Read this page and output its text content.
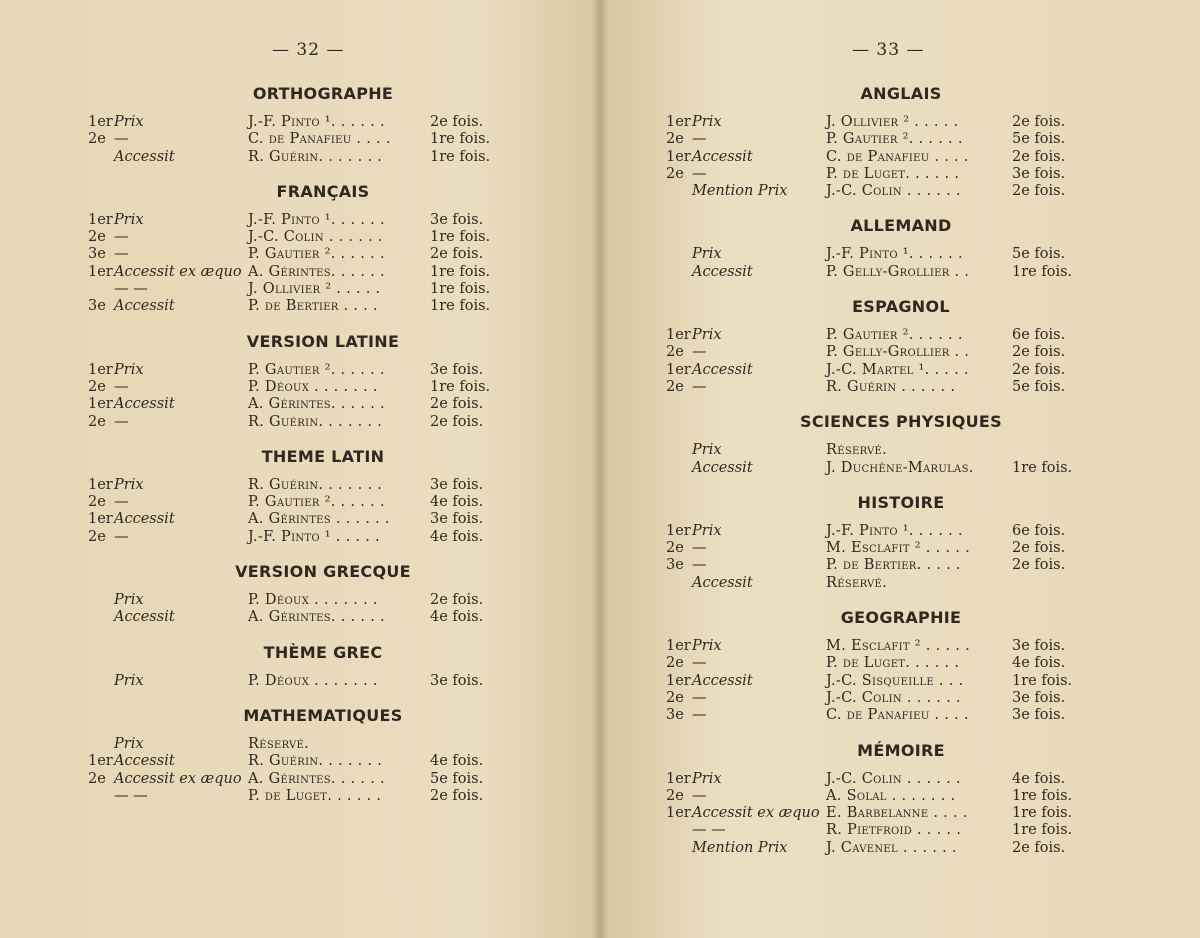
— 32 —
ORTHOGRAPHE
1er Prix	J.-F. Pinto ¹. . . . . .	2e fois.
2e —	C. de Panafieu . . . .	1re fois.
Accessit	R. Guérin. . . . . . .	1re fois.
FRANÇAIS
1er Prix	J.-F. Pinto ¹. . . . . .	3e fois.
2e —	J.-C. Colin . . . . . .	1re fois.
3e —	P. Gautier ². . . . . .	2e fois.
1er Accessit ex æquo A. Gérintes. . . . . .	1re fois.
— —	J. Ollivier ² . . . . .	1re fois.
3e Accessit	P. de Bertier . . . .	1re fois.
VERSION LATINE
1er Prix	P. Gautier ². . . . . .	3e fois.
2e —	P. Déoux . . . . . . .	1re fois.
1er Accessit	A. Gérintes. . . . . .	2e fois.
2e —	R. Guérin. . . . . . .	2e fois.
THEME LATIN
1er Prix	R. Guérin. . . . . . .	3e fois.
2e —	P. Gautier ². . . . . .	4e fois.
1er Accessit	A. Gérintes . . . . . .	3e fois.
2e —	J.-F. Pinto ¹ . . . . .	4e fois.
VERSION GRECQUE
Prix	P. Déoux . . . . . . .	2e fois.
Accessit	A. Gérintes. . . . . .	4e fois.
THÈME GREC
Prix	P. Déoux . . . . . . .	3e fois.
MATHEMATIQUES
Prix	Réservé.
1er Accessit	R. Guérin. . . . . . .	4e fois.
2e Accessit ex æquo A. Gérintes. . . . . .	5e fois.
— —	P. de Luget. . . . . .	2e fois.
— 33 —
ANGLAIS
1er Prix	J. Ollivier ² . . . . .	2e fois.
2e —	P. Gautier ². . . . . .	5e fois.
1er Accessit	C. de Panafieu . . . .	2e fois.
2e —	P. de Luget. . . . . .	3e fois.
Mention Prix	J.-C. Colin . . . . . .	2e fois.
ALLEMAND
Prix	J.-F. Pinto ¹. . . . . .	5e fois.
Accessit	P. Gelly-Grollier . .	1re fois.
ESPAGNOL
1er Prix	P. Gautier ². . . . . .	6e fois.
2e —	P. Gelly-Grollier . .	2e fois.
1er Accessit	J.-C. Martel ¹. . . . .	2e fois.
2e —	R. Guérin . . . . . .	5e fois.
SCIENCES PHYSIQUES
Prix	Réservé.
Accessit	J. Duchêne-Marulas.	1re fois.
HISTOIRE
1er Prix	J.-F. Pinto ¹. . . . . .	6e fois.
2e —	M. Esclafit ² . . . . .	2e fois.
3e —	P. de Bertier. . . . .	2e fois.
Accessit	Réservé.
GEOGRAPHIE
1er Prix	M. Esclafit ² . . . . .	3e fois.
2e —	P. de Luget. . . . . .	4e fois.
1er Accessit	J.-C. Sisqueille . . .	1re fois.
2e —	J.-C. Colin . . . . . .	3e fois.
3e —	C. de Panafieu . . . .	3e fois.
MÉMOIRE
1er Prix	J.-C. Colin . . . . . .	4e fois.
2e —	A. Solal . . . . . . .	1re fois.
1er Accessit ex æquo E. Barbelanne . . . .	1re fois.
— —	R. Pietfroid . . . . .	1re fois.
Mention Prix	J. Cavenel . . . . . .	2e fois.
